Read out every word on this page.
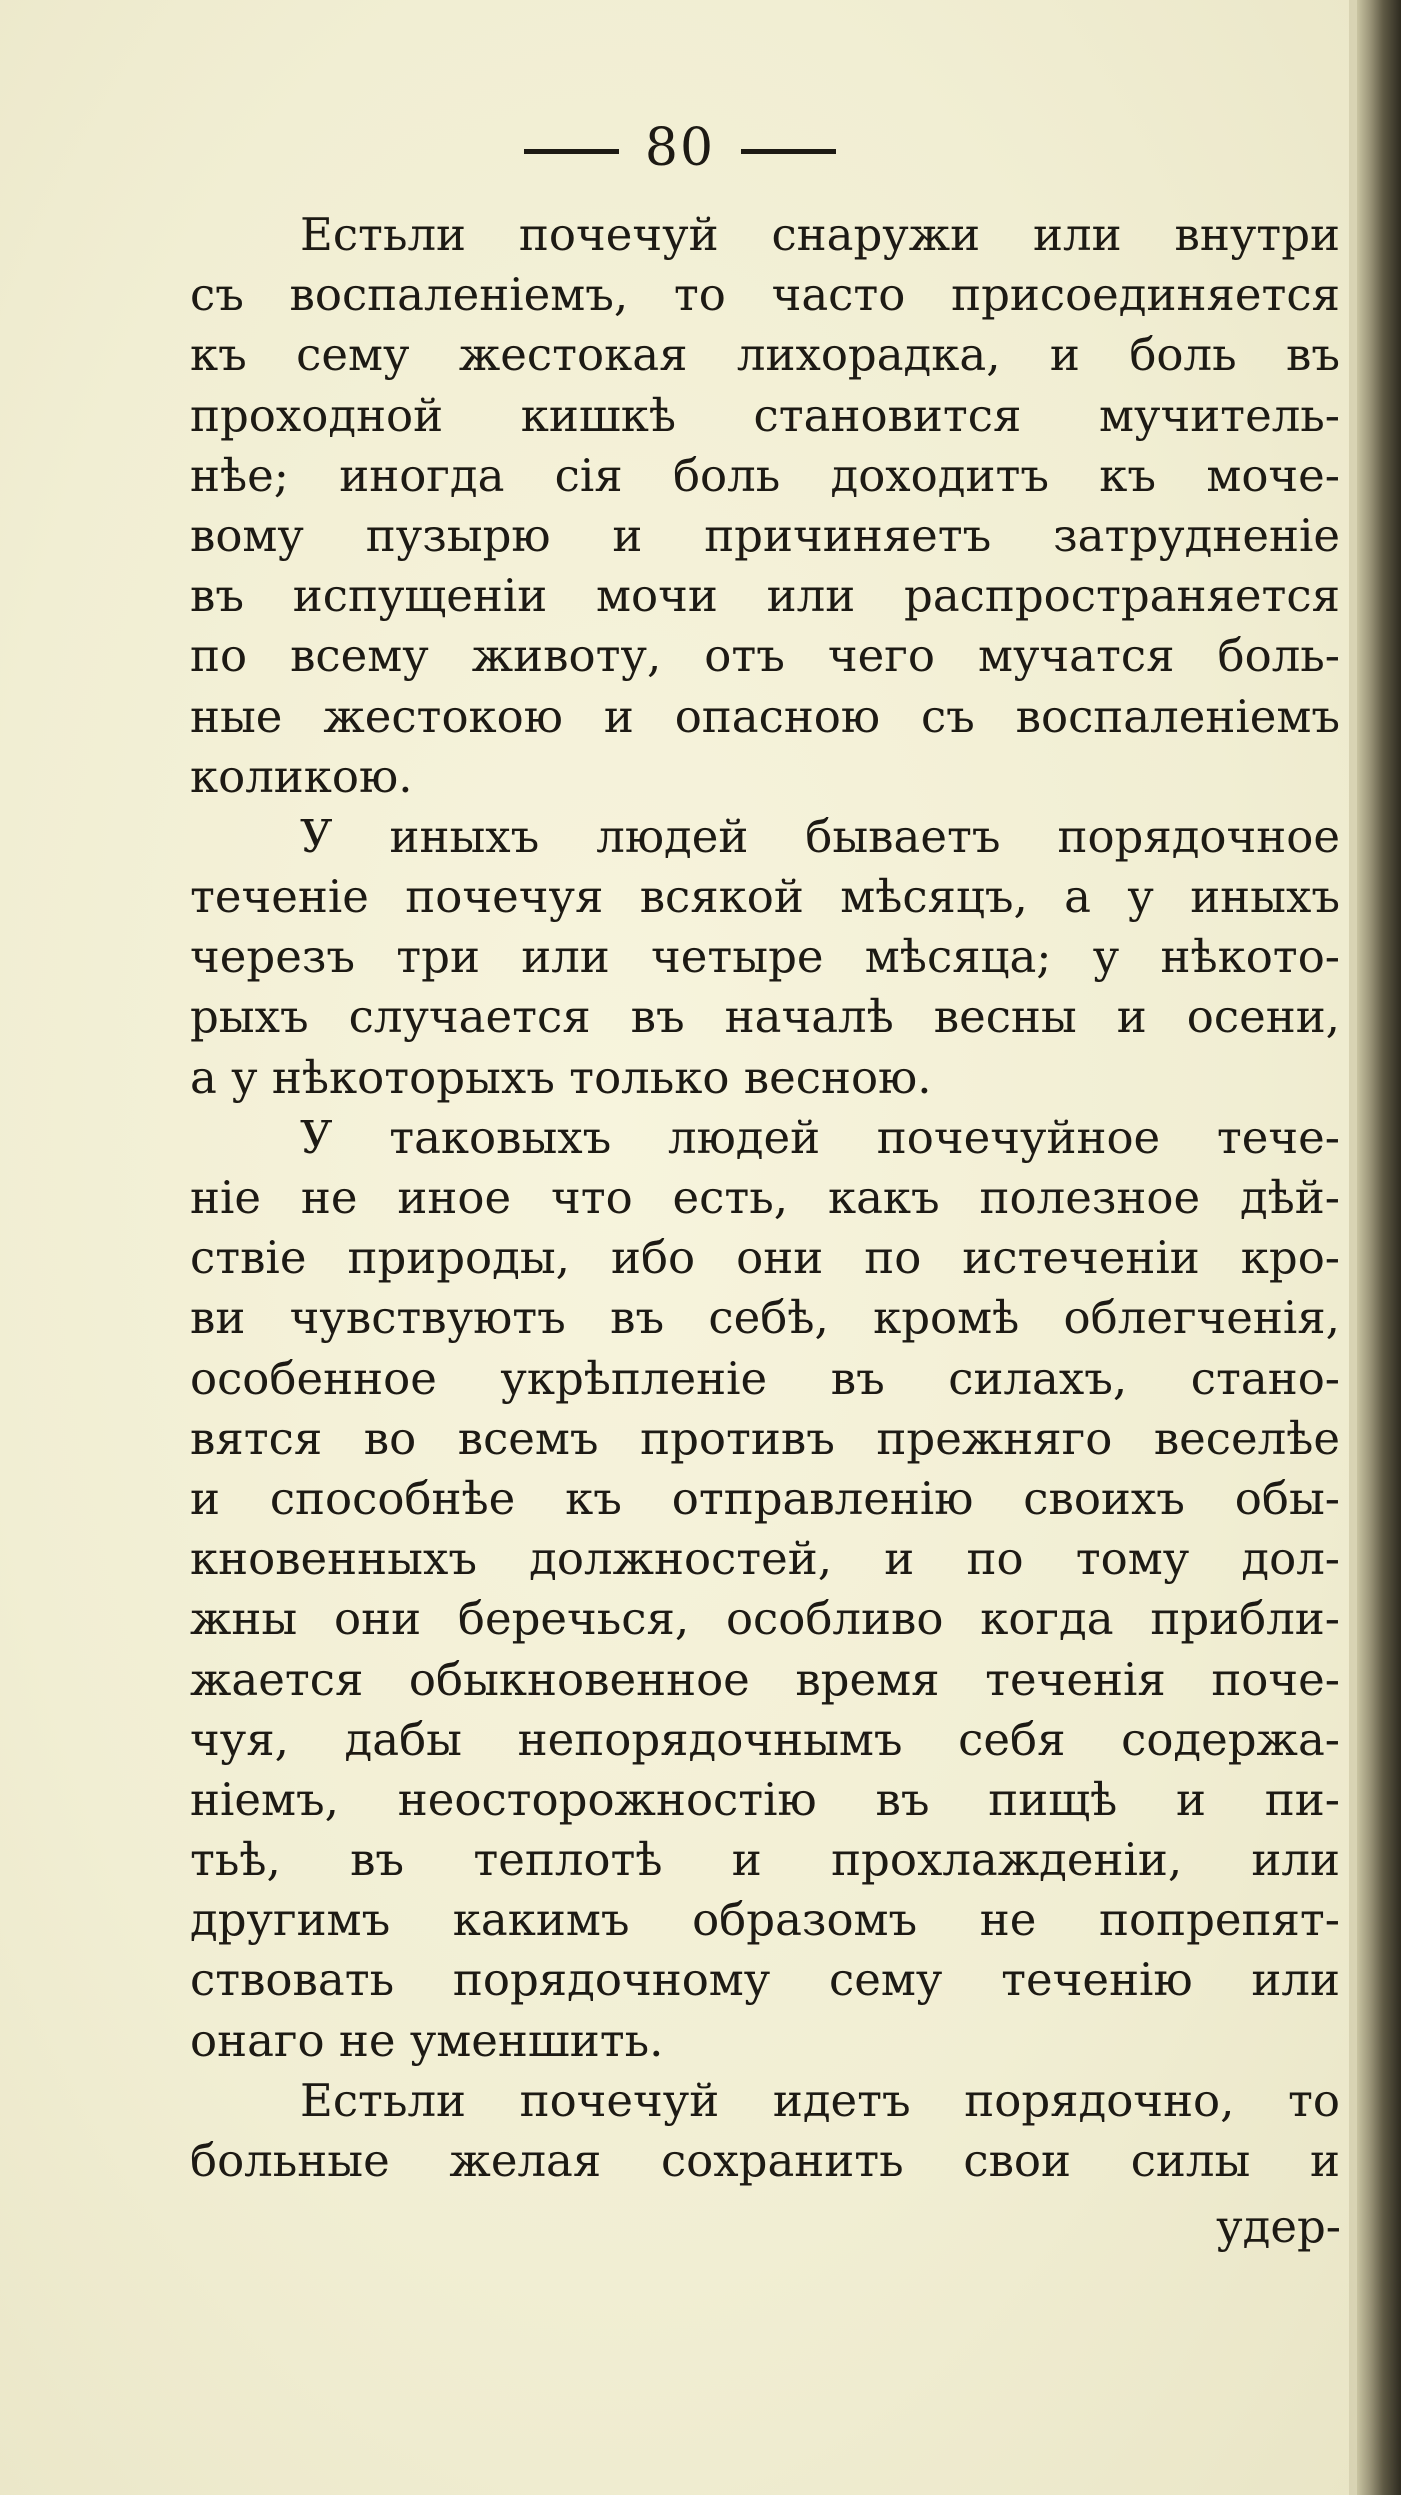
80
Естьли почечуй снаружи или внутри
съ воспаленіемъ, то часто присоединяется
къ сему жестокая лихорадка, и боль въ
проходной кишкѣ становится мучитель-
нѣе; иногда сія боль доходитъ къ моче-
вому пузырю и причиняетъ затрудненіе
въ испущеніи мочи или распространяется
по всему животу, отъ чего мучатся боль-
ные жестокою и опасною съ воспаленіемъ
коликою.
У иныхъ людей бываетъ порядочное
теченіе почечуя всякой мѣсяцъ, а у иныхъ
черезъ три или четыре мѣсяца; у нѣкото-
рыхъ случается въ началѣ весны и осени,
а у нѣкоторыхъ только весною.
У таковыхъ людей почечуйное тече-
ніе не иное что есть, какъ полезное дѣй-
ствіе природы, ибо они по истеченіи кро-
ви чувствуютъ въ себѣ, кромѣ облегченія,
особенное укрѣпленіе въ силахъ, стано-
вятся во всемъ противъ прежняго веселѣе
и способнѣе къ отправленію своихъ обы-
кновенныхъ должностей, и по тому дол-
жны они беречься, особливо когда прибли-
жается обыкновенное время теченія поче-
чуя, дабы непорядочнымъ себя содержа-
ніемъ, неосторожностію въ пищѣ и пи-
тьѣ, въ теплотѣ и прохлажденіи, или
другимъ какимъ образомъ не попрепят-
ствовать порядочному сему теченію или
онаго не уменшить.
Естьли почечуй идетъ порядочно, то
больные желая сохранить свои силы и
удер-
